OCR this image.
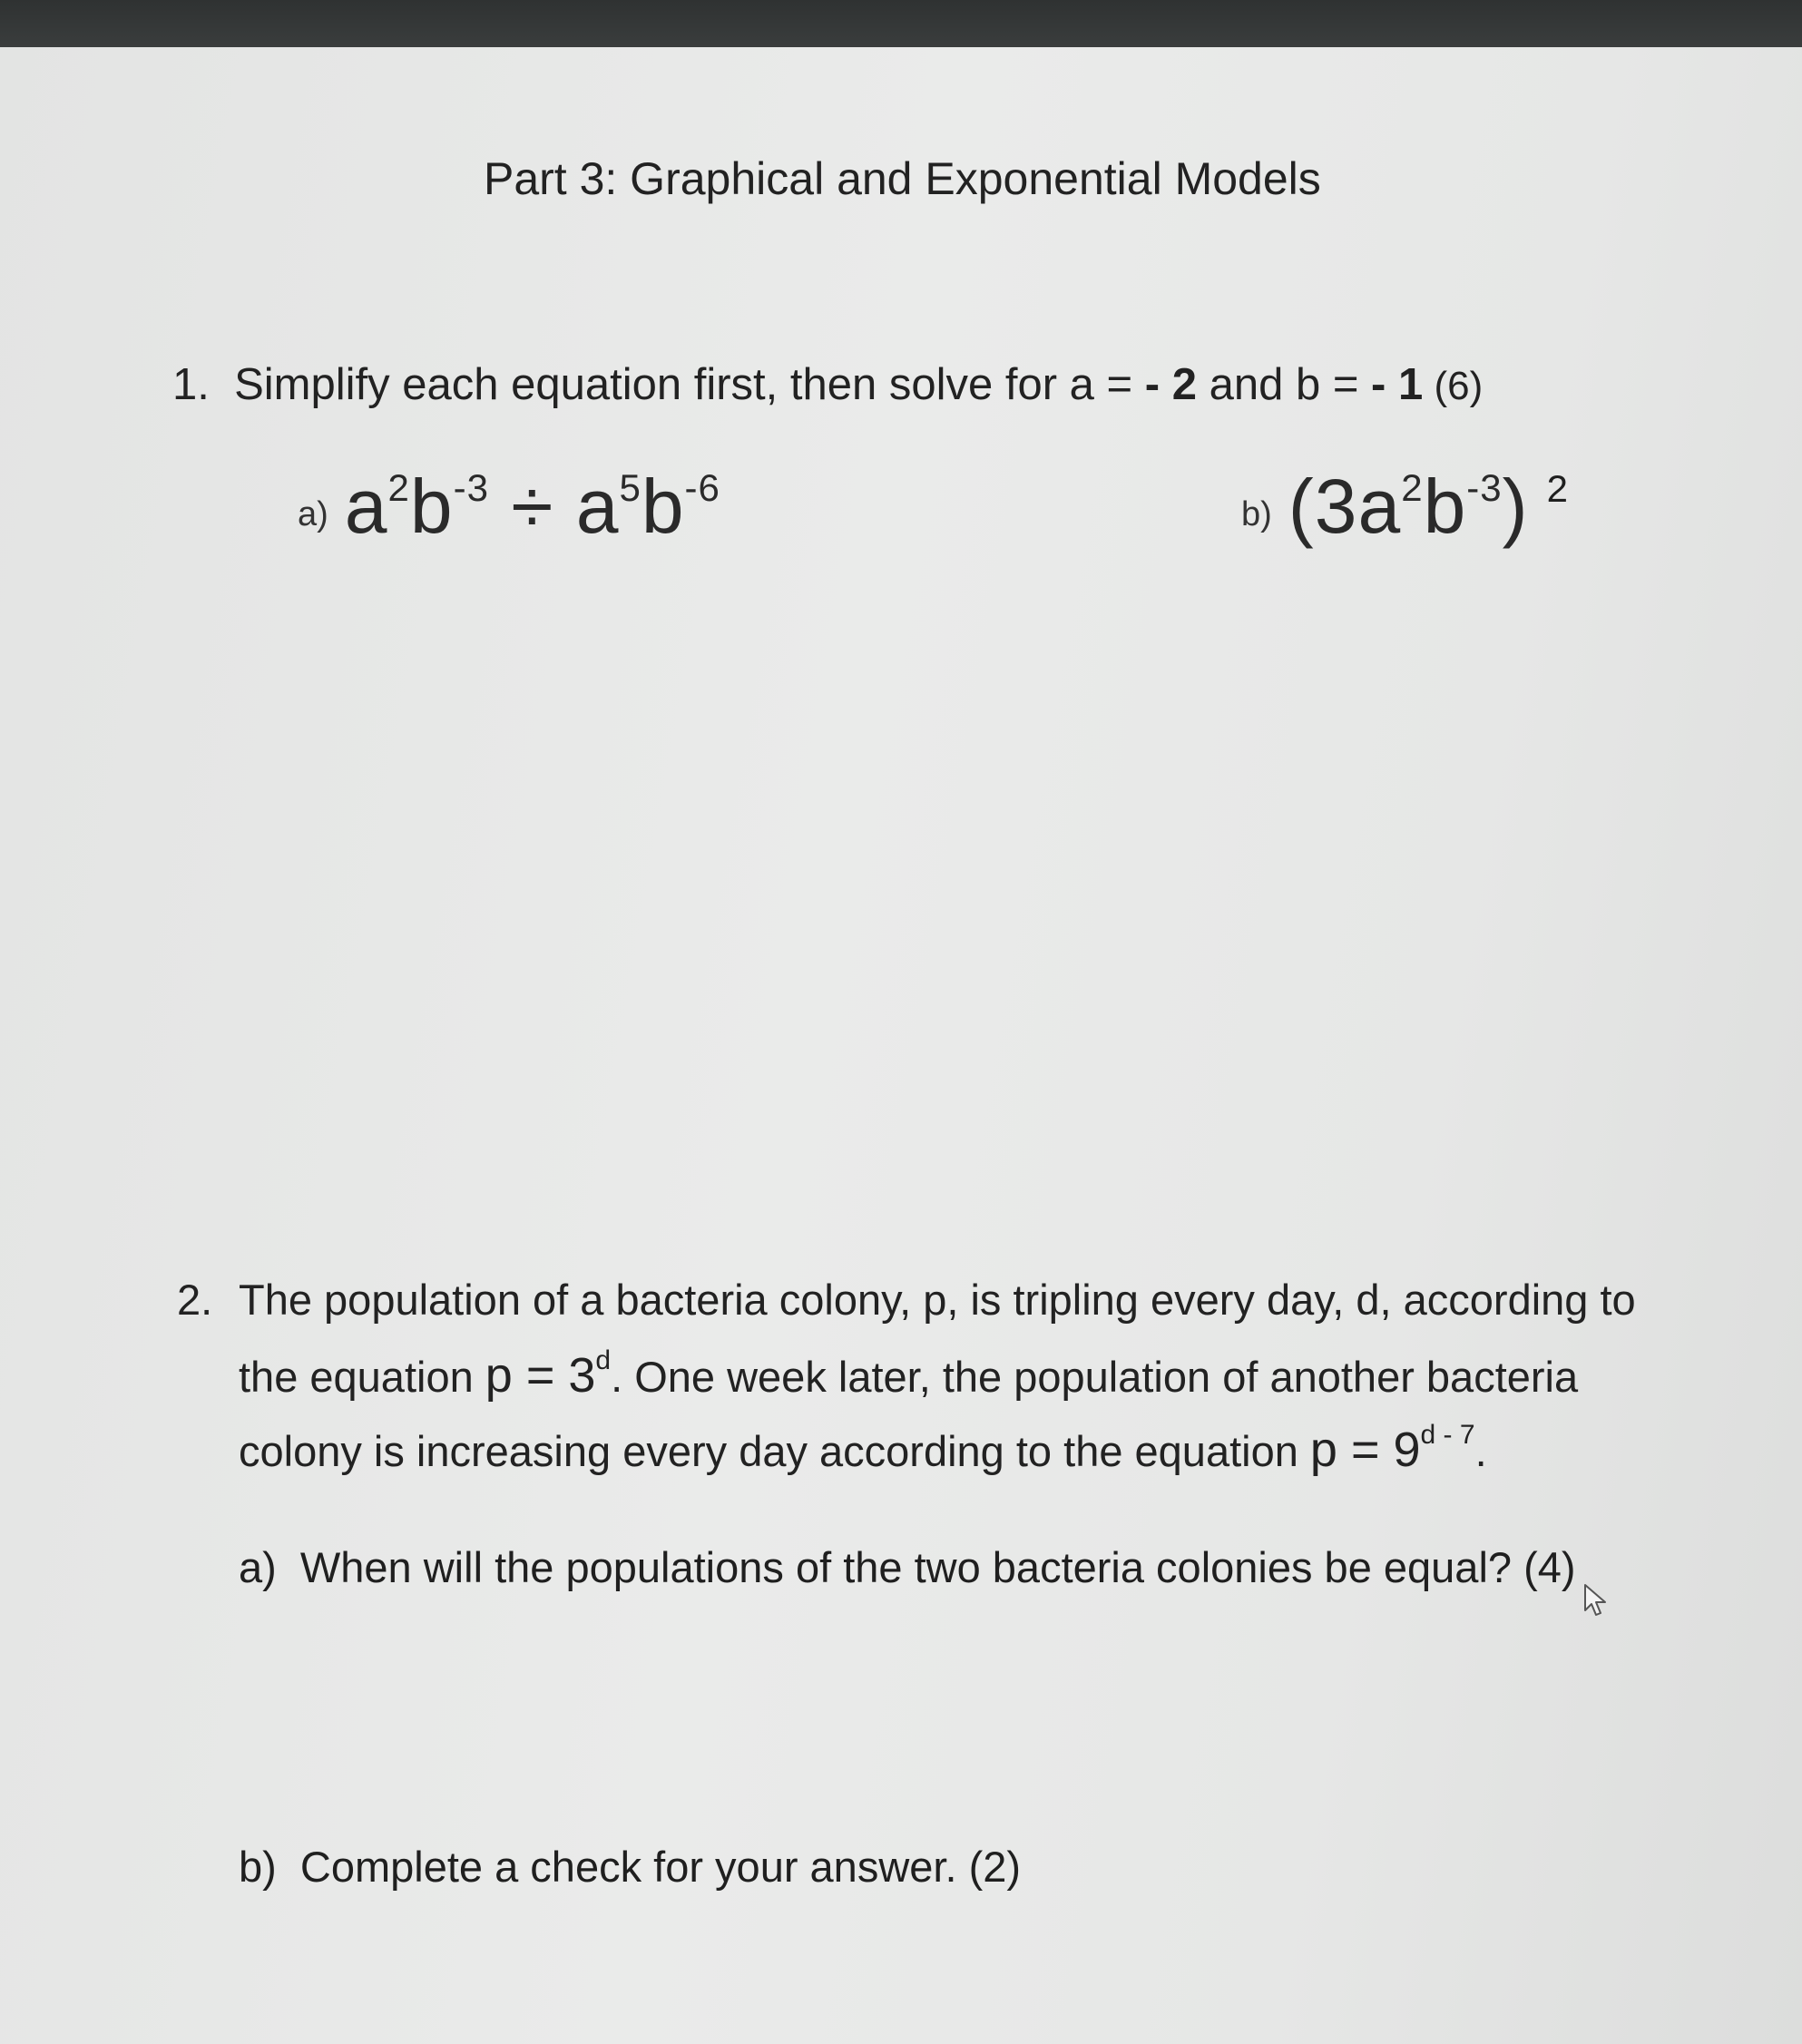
Part 3: Graphical and Exponential Models
1. Simplify each equation first, then solve for a = - 2 and b = - 1 (6)
a) $a^2b^{-3} \div a^5b^{-6}$
b) $(3a^2b^{-3})$ 2
2. The population of a bacteria colony, p, is tripling every day, d, according to
the equation $p = 3^d$. One week later, the population of another bacteria
colony is increasing every day according to the equation $p = 9^{d - 7}$.
a)  When will the populations of the two bacteria colonies be equal? (4)
b)  Complete a check for your answer. (2)
